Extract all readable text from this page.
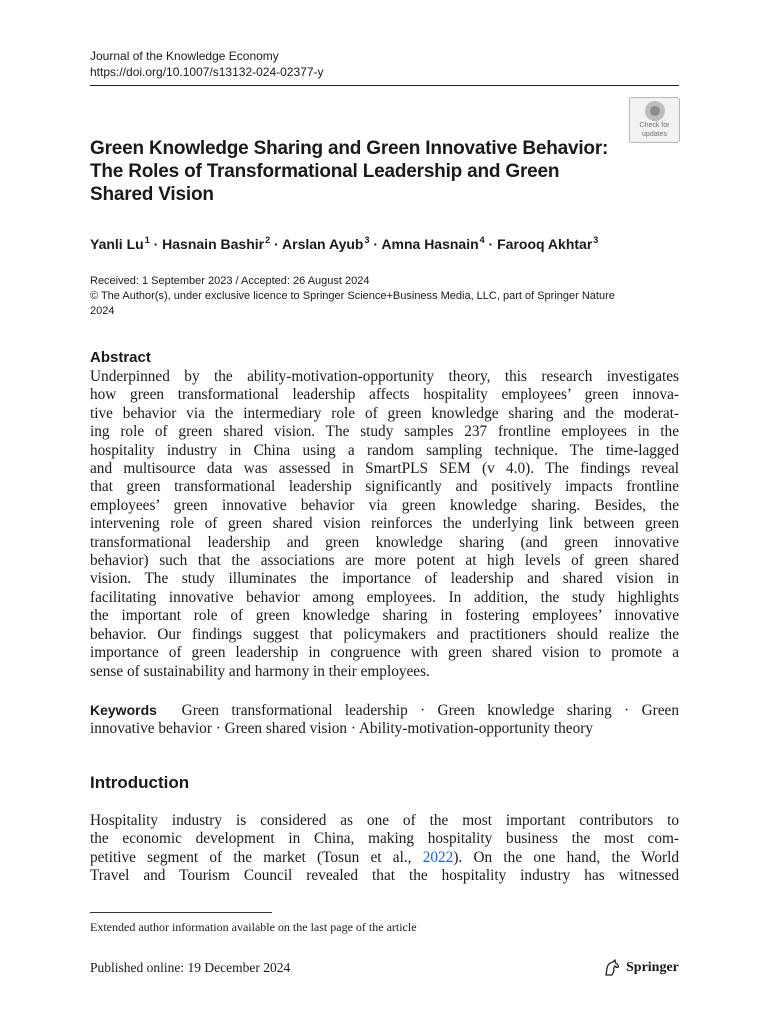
Journal of the Knowledge Economy
https://doi.org/10.1007/s13132-024-02377-y
Check for
updates
Green Knowledge Sharing and Green Innovative Behavior:
The Roles of Transformational Leadership and Green
Shared Vision
Yanli $Lu^1$ · Hasnain Bashir$^2$ · Arslan Ayub$^3$ · Amna Hasnain$^4$ · Farooq Akhtar$^3$
Received: 1 September 2023 / Accepted: 26 August 2024
© The Author(s), under exclusive licence to Springer Science+Business Media, LLC, part of Springer Nature
2024
Abstract
Underpinned by the ability-motivation-opportunity theory, this research investigates
how green transformational leadership affects hospitality employees’ green innova-
tive behavior via the intermediary role of green knowledge sharing and the moderat-
ing role of green shared vision. The study samples 237 frontline employees in the
hospitality industry in China using a random sampling technique. The time-lagged
and multisource data was assessed in SmartPLS SEM (v 4.0). The findings reveal
that green transformational leadership significantly and positively impacts frontline
employees’ green innovative behavior via green knowledge sharing. Besides, the
intervening role of green shared vision reinforces the underlying link between green
transformational leadership and green knowledge sharing (and green innovative
behavior) such that the associations are more potent at high levels of green shared
vision. The study illuminates the importance of leadership and shared vision in
facilitating innovative behavior among employees. In addition, the study highlights
the important role of green knowledge sharing in fostering employees’ innovative
behavior. Our findings suggest that policymakers and practitioners should realize the
importance of green leadership in congruence with green shared vision to promote a
sense of sustainability and harmony in their employees.
Keywords Green transformational leadership · Green knowledge sharing · Green
innovative behavior · Green shared vision · Ability-motivation-opportunity theory
Introduction
Hospitality industry is considered as one of the most important contributors to
the economic development in China, making hospitality business the most com-
petitive segment of the market (Tosun et al., 2022). On the one hand, the World
Travel and Tourism Council revealed that the hospitality industry has witnessed
Extended author information available on the last page of the article
Published online: 19 December 2024	Springer
